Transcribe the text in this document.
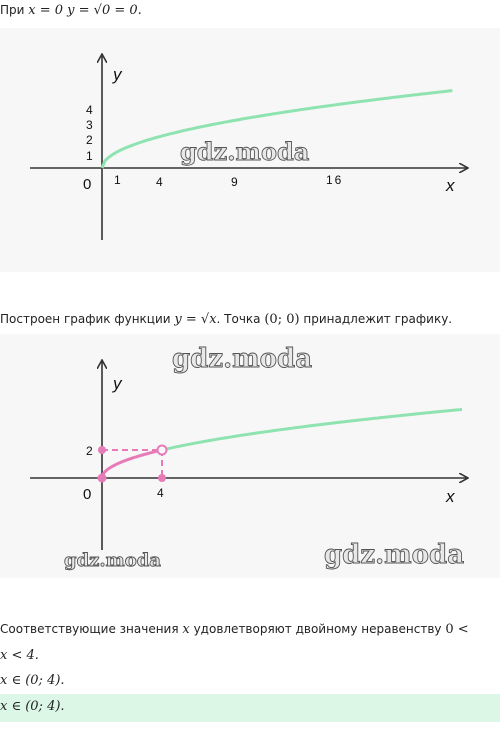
При x = 0 y = √0 = 0.
y
x
0
4
3
2
1
1	4	9	16
gdz.moda
Построен график функции y = √x. Точка (0; 0) принадлежит графику.
y
x
0
2
4
gdz.moda
gdz.moda	gdz.moda
Соответствующие значения x удовлетворяют двойному неравенству 0 <
x < 4.
x ∈ (0; 4).
x ∈ (0; 4).
